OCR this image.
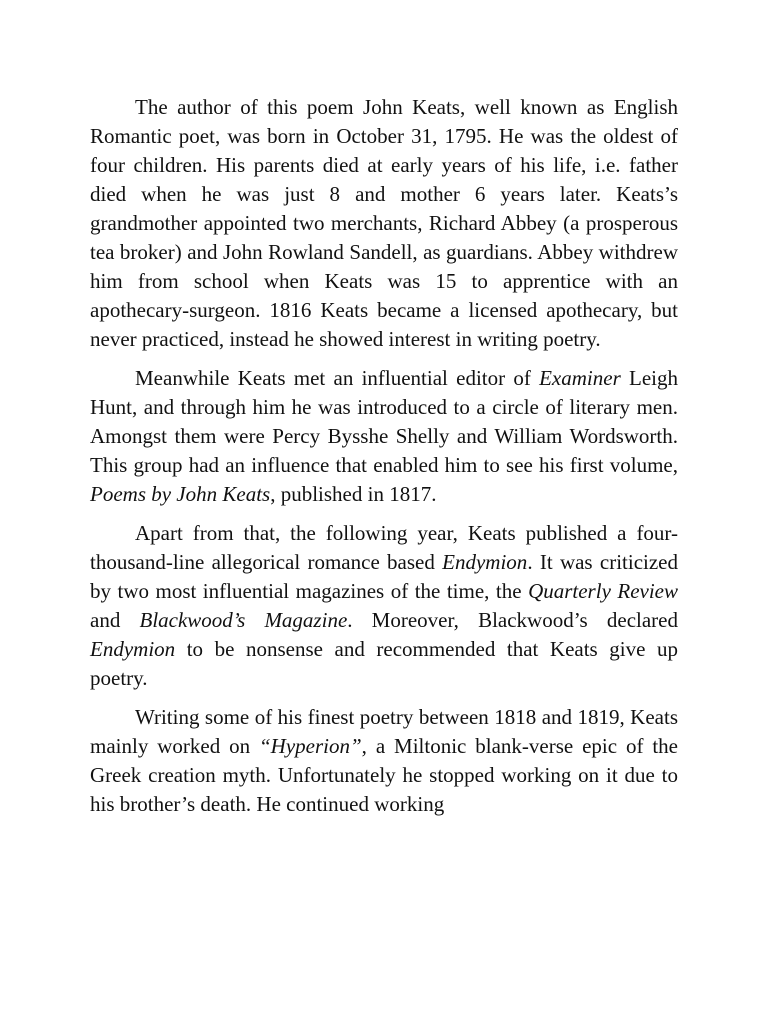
The author of this poem John Keats, well known as English Romantic poet, was born in October 31, 1795. He was the oldest of four children. His parents died at early years of his life, i.e. father died when he was just 8 and mother 6 years later. Keats’s grandmother appointed two merchants, Richard Abbey (a prosperous tea broker) and John Rowland Sandell, as guardians. Abbey withdrew him from school when Keats was 15 to apprentice with an apothecary-surgeon. 1816 Keats became a licensed apothecary, but never practiced, instead he showed interest in writing poetry.

Meanwhile Keats met an influential editor of Examiner Leigh Hunt, and through him he was introduced to a circle of literary men. Amongst them were Percy Bysshe Shelly and William Wordsworth. This group had an influence that enabled him to see his first volume, Poems by John Keats, published in 1817.

Apart from that, the following year, Keats published a four-thousand-line allegorical romance based Endymion. It was criticized by two most influential magazines of the time, the Quarterly Review and Blackwood’s Magazine. Moreover, Blackwood’s declared Endymion to be nonsense and recommended that Keats give up poetry.

Writing some of his finest poetry between 1818 and 1819, Keats mainly worked on “Hyperion”, a Miltonic blank-verse epic of the Greek creation myth. Unfortunately he stopped working on it due to his brother’s death. He continued working
